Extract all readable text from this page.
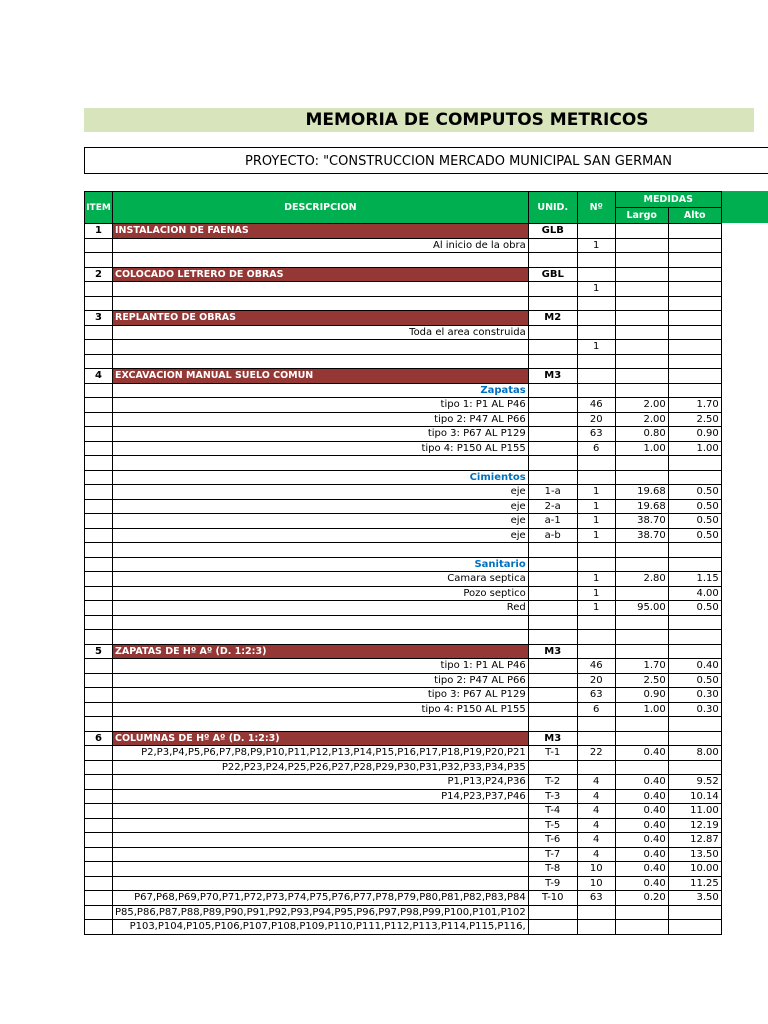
MEMORIA DE COMPUTOS METRICOS
PROYECTO: "CONSTRUCCION MERCADO MUNICIPAL SAN GERMAN
ITEM	DESCRIPCION	UNID.	Nº	MEDIDAS	
				Largo	Alto
1	INSTALACION DE FAENAS	GLB			
	Al inicio de la obra		1		

2	COLOCADO LETRERO DE OBRAS	GBL			
			1		

3	REPLANTEO DE OBRAS	M2			
	Toda el area construida				
			1		

4	EXCAVACION MANUAL SUELO COMUN	M3			
	Zapatas				
	tipo 1: P1 AL P46		46	2.00	1.70
	tipo 2: P47 AL P66		20	2.00	2.50
	tipo 3: P67 AL P129		63	0.80	0.90
	tipo 4: P150 AL P155		6	1.00	1.00

	Cimientos				
	eje	1-a	1	19.68	0.50
	eje	2-a	1	19.68	0.50
	eje	a-1	1	38.70	0.50
	eje	a-b	1	38.70	0.50

	Sanitario				
	Camara septica		1	2.80	1.15
	Pozo septico		1		4.00
	Red		1	95.00	0.50

5	ZAPATAS DE Hº Aº (D. 1:2:3)	M3			
	tipo 1: P1 AL P46		46	1.70	0.40
	tipo 2: P47 AL P66		20	2.50	0.50
	tipo 3: P67 AL P129		63	0.90	0.30
	tipo 4: P150 AL P155		6	1.00	0.30

6	COLUMNAS DE Hº Aº (D. 1:2:3)	M3			
	P2,P3,P4,P5,P6,P7,P8,P9,P10,P11,P12,P13,P14,P15,P16,P17,P18,P19,P20,P21	T-1	22	0.40	8.00
	P22,P23,P24,P25,P26,P27,P28,P29,P30,P31,P32,P33,P34,P35				
	P1,P13,P24,P36	T-2	4	0.40	9.52
	P14,P23,P37,P46	T-3	4	0.40	10.14
		T-4	4	0.40	11.00
		T-5	4	0.40	12.19
		T-6	4	0.40	12.87
		T-7	4	0.40	13.50
		T-8	10	0.40	10.00
		T-9	10	0.40	11.25
	P67,P68,P69,P70,P71,P72,P73,P74,P75,P76,P77,P78,P79,P80,P81,P82,P83,P84	T-10	63	0.20	3.50
	P85,P86,P87,P88,P89,P90,P91,P92,P93,P94,P95,P96,P97,P98,P99,P100,P101,P102				
	P103,P104,P105,P106,P107,P108,P109,P110,P111,P112,P113,P114,P115,P116,				
